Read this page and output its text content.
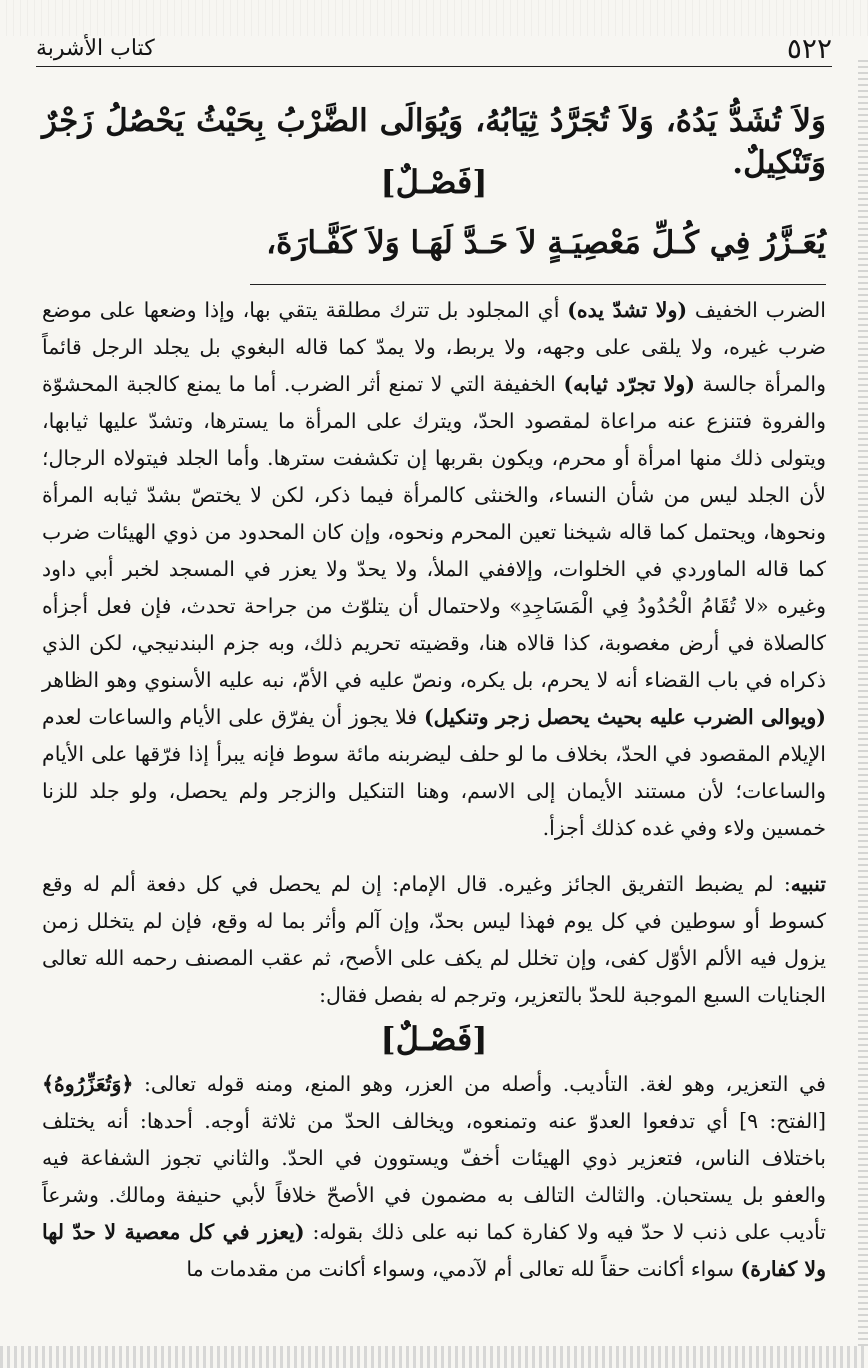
٥٢٢
كتاب الأشربة
وَلاَ تُشَدُّ يَدُهُ، وَلاَ تُجَرَّدُ ثِيَابُهُ، وَيُوَالَى الضَّرْبُ بِحَيْثُ يَحْصُلُ زَجْرٌ وَتَنْكِيلٌ.
[فَصْـلٌ]
يُعَـزَّرُ فِي كُـلِّ مَعْصِيَـةٍ لاَ حَـدَّ لَهَـا وَلاَ كَفَّـارَةَ،

الضرب الخفيف (ولا تشدّ يده) أي المجلود بل تترك مطلقة يتقي بها، وإذا وضعها على موضع ضرب غيره، ولا يلقى على وجهه، ولا يربط، ولا يمدّ كما قاله البغوي بل يجلد الرجل قائماً والمرأة جالسة (ولا تجرّد ثيابه) الخفيفة التي لا تمنع أثر الضرب. أما ما يمنع كالجبة المحشوّة والفروة فتنزع عنه مراعاة لمقصود الحدّ، ويترك على المرأة ما يسترها، وتشدّ عليها ثيابها، ويتولى ذلك منها امرأة أو محرم، ويكون بقربها إن تكشفت سترها. وأما الجلد فيتولاه الرجال؛ لأن الجلد ليس من شأن النساء، والخنثى كالمرأة فيما ذكر، لكن لا يختصّ بشدّ ثيابه المرأة ونحوها، ويحتمل كما قاله شيخنا تعين المحرم ونحوه، وإن كان المحدود من ذوي الهيئات ضرب كما قاله الماوردي في الخلوات، وإلاففي الملأ، ولا يحدّ ولا يعزر في المسجد لخبر أبي داود وغيره «لا تُقَامُ الْحُدُودُ فِي الْمَسَاجِدِ» ولاحتمال أن يتلوّث من جراحة تحدث، فإن فعل أجزأه كالصلاة في أرض مغصوبة، كذا قالاه هنا، وقضيته تحريم ذلك، وبه جزم البندنيجي، لكن الذي ذكراه في باب القضاء أنه لا يحرم، بل يكره، ونصّ عليه في الأمّ، نبه عليه الأسنوي وهو الظاهر (ويوالى الضرب عليه بحيث يحصل زجر وتنكيل) فلا يجوز أن يفرّق على الأيام والساعات لعدم الإيلام المقصود في الحدّ، بخلاف ما لو حلف ليضربنه مائة سوط فإنه يبرأ إذا فرّقها على الأيام والساعات؛ لأن مستند الأيمان إلى الاسم، وهنا التنكيل والزجر ولم يحصل، ولو جلد للزنا خمسين ولاء وفي غده كذلك أجزأ.

تنبيه: لم يضبط التفريق الجائز وغيره. قال الإمام: إن لم يحصل في كل دفعة ألم له وقع كسوط أو سوطين في كل يوم فهذا ليس بحدّ، وإن آلم وأثر بما له وقع، فإن لم يتخلل زمن يزول فيه الألم الأوّل كفى، وإن تخلل لم يكف على الأصح، ثم عقب المصنف رحمه الله تعالى الجنايات السبع الموجبة للحدّ بالتعزير، وترجم له بفصل فقال:

[فَصْـلٌ]

في التعزير، وهو لغة. التأديب. وأصله من العزر، وهو المنع، ومنه قوله تعالى: ﴿وَتُعَزِّرُوهُ﴾ [الفتح: ٩] أي تدفعوا العدوّ عنه وتمنعوه، ويخالف الحدّ من ثلاثة أوجه. أحدها: أنه يختلف باختلاف الناس، فتعزير ذوي الهيئات أخفّ ويستوون في الحدّ. والثاني تجوز الشفاعة فيه والعفو بل يستحبان. والثالث التالف به مضمون في الأصحّ خلافاً لأبي حنيفة ومالك. وشرعاً تأديب على ذنب لا حدّ فيه ولا كفارة كما نبه على ذلك بقوله: (يعزر في كل معصية لا حدّ لها ولا كفارة) سواء أكانت حقاً لله تعالى أم لآدمي، وسواء أكانت من مقدمات ما
